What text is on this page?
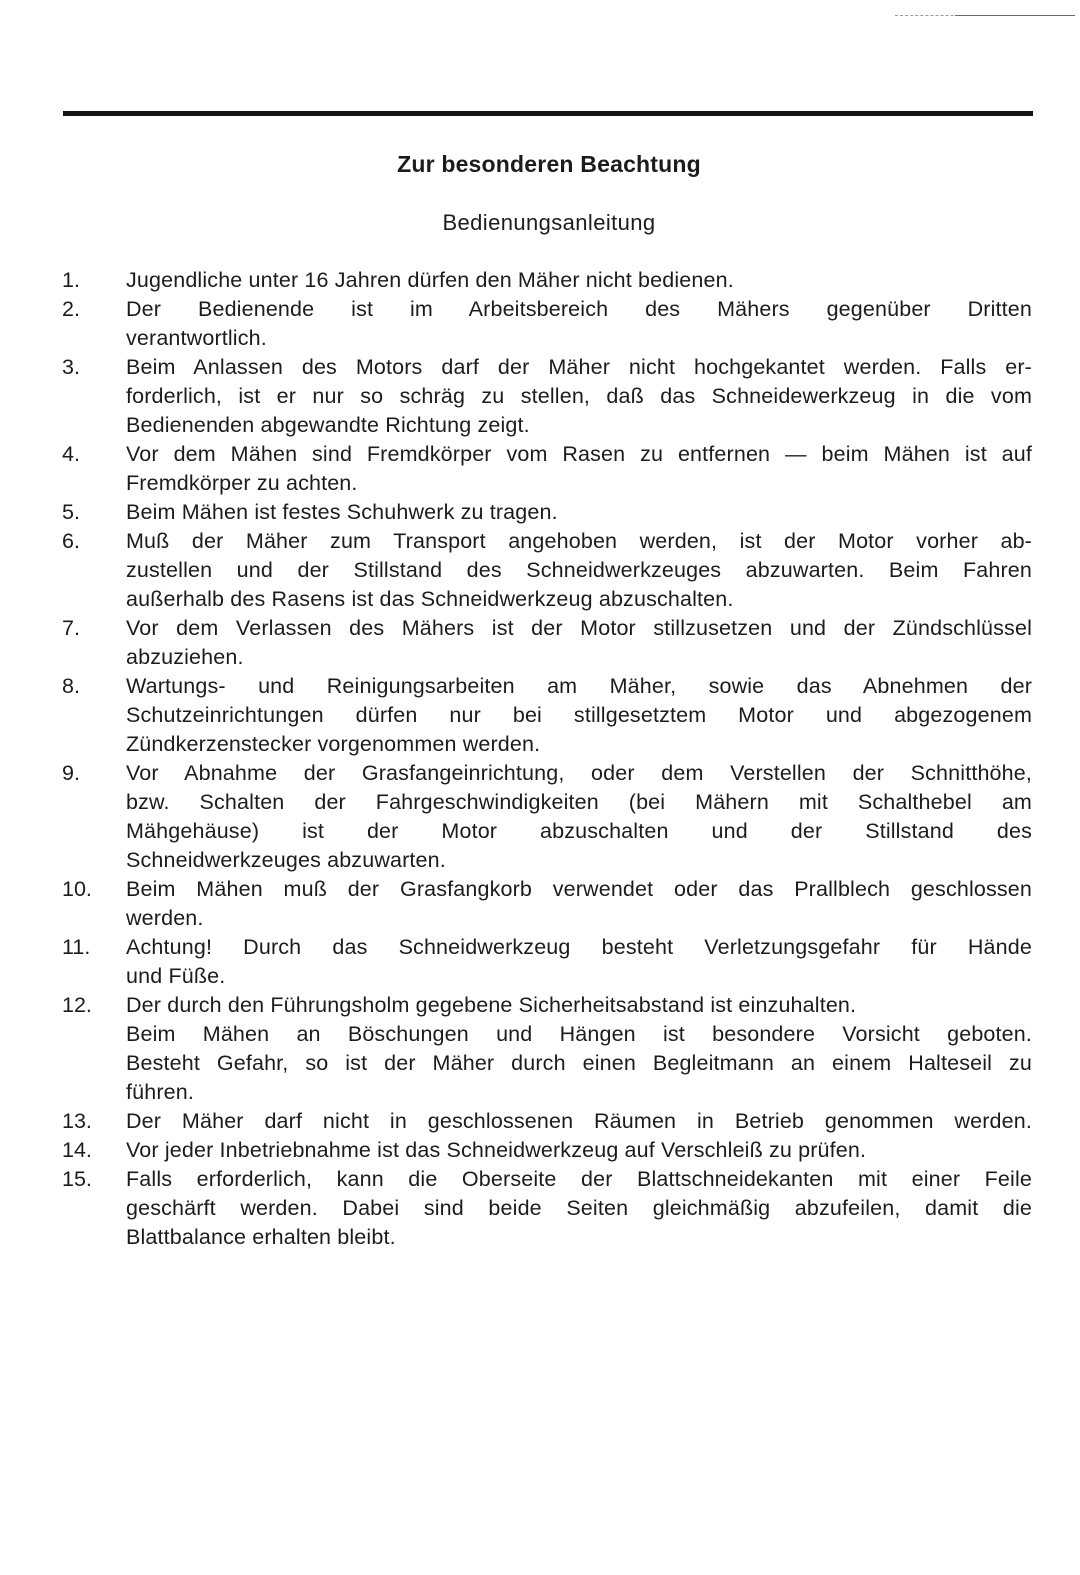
Zur besonderen Beachtung
Bedienungsanleitung
1.	Jugendliche unter 16 Jahren dürfen den Mäher nicht bedienen.
2.	Der Bedienende ist im Arbeitsbereich des Mähers gegenüber Dritten
verantwortlich.
3.	Beim Anlassen des Motors darf der Mäher nicht hochgekantet werden. Falls er-
forderlich, ist er nur so schräg zu stellen, daß das Schneidewerkzeug in die vom
Bedienenden abgewandte Richtung zeigt.
4.	Vor dem Mähen sind Fremdkörper vom Rasen zu entfernen — beim Mähen ist auf
Fremdkörper zu achten.
5.	Beim Mähen ist festes Schuhwerk zu tragen.
6.	Muß der Mäher zum Transport angehoben werden, ist der Motor vorher ab-
zustellen und der Stillstand des Schneidwerkzeuges abzuwarten. Beim Fahren
außerhalb des Rasens ist das Schneidwerkzeug abzuschalten.
7.	Vor dem Verlassen des Mähers ist der Motor stillzusetzen und der Zündschlüssel
abzuziehen.
8.	Wartungs- und Reinigungsarbeiten am Mäher, sowie das Abnehmen der
Schutzeinrichtungen dürfen nur bei stillgesetztem Motor und abgezogenem
Zündkerzenstecker vorgenommen werden.
9.	Vor Abnahme der Grasfangeinrichtung, oder dem Verstellen der Schnitthöhe,
bzw. Schalten der Fahrgeschwindigkeiten (bei Mähern mit Schalthebel am
Mähgehäuse) ist der Motor abzuschalten und der Stillstand des
Schneidwerkzeuges abzuwarten.
10.	Beim Mähen muß der Grasfangkorb verwendet oder das Prallblech geschlossen
werden.
11.	Achtung! Durch das Schneidwerkzeug besteht Verletzungsgefahr für Hände
und Füße.
12.	Der durch den Führungsholm gegebene Sicherheitsabstand ist einzuhalten.
Beim Mähen an Böschungen und Hängen ist besondere Vorsicht geboten.
Besteht Gefahr, so ist der Mäher durch einen Begleitmann an einem Halteseil zu
führen.
13.	Der Mäher darf nicht in geschlossenen Räumen in Betrieb genommen werden.
14.	Vor jeder Inbetriebnahme ist das Schneidwerkzeug auf Verschleiß zu prüfen.
15.	Falls erforderlich, kann die Oberseite der Blattschneidekanten mit einer Feile
geschärft werden. Dabei sind beide Seiten gleichmäßig abzufeilen, damit die
Blattbalance erhalten bleibt.
